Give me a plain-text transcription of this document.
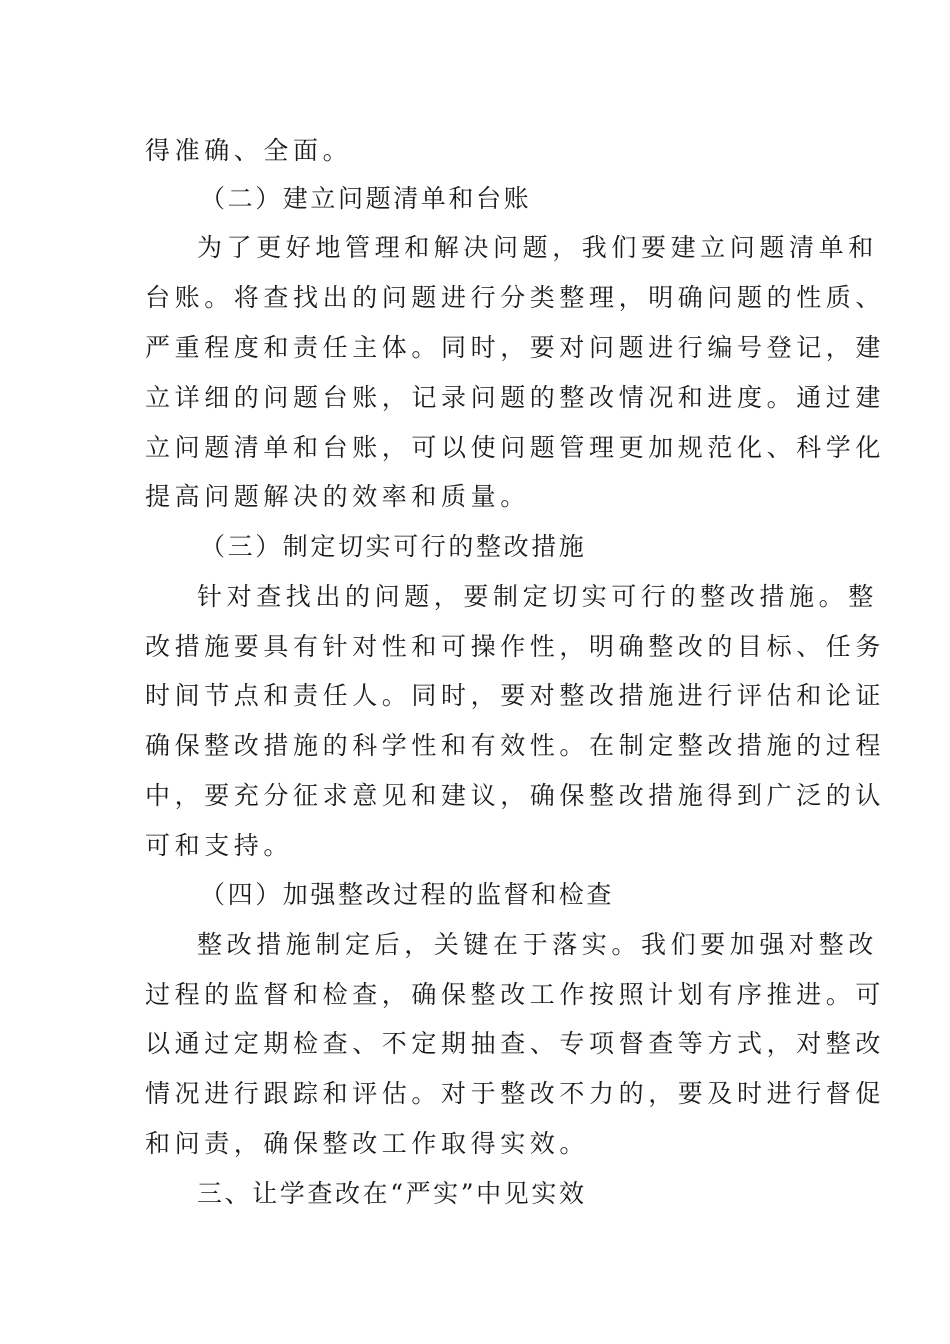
得准确、全面。
（二）建立问题清单和台账
为了更好地管理和解决问题，我们要建立问题清单和
台账。将查找出的问题进行分类整理，明确问题的性质、
严重程度和责任主体。同时，要对问题进行编号登记，建
立详细的问题台账，记录问题的整改情况和进度。通过建
立问题清单和台账，可以使问题管理更加规范化、科学化
提高问题解决的效率和质量。
（三）制定切实可行的整改措施
针对查找出的问题，要制定切实可行的整改措施。整
改措施要具有针对性和可操作性，明确整改的目标、任务
时间节点和责任人。同时，要对整改措施进行评估和论证
确保整改措施的科学性和有效性。在制定整改措施的过程
中，要充分征求意见和建议，确保整改措施得到广泛的认
可和支持。
（四）加强整改过程的监督和检查
整改措施制定后，关键在于落实。我们要加强对整改
过程的监督和检查，确保整改工作按照计划有序推进。可
以通过定期检查、不定期抽查、专项督查等方式，对整改
情况进行跟踪和评估。对于整改不力的，要及时进行督促
和问责，确保整改工作取得实效。
三、让学查改在“严实”中见实效
